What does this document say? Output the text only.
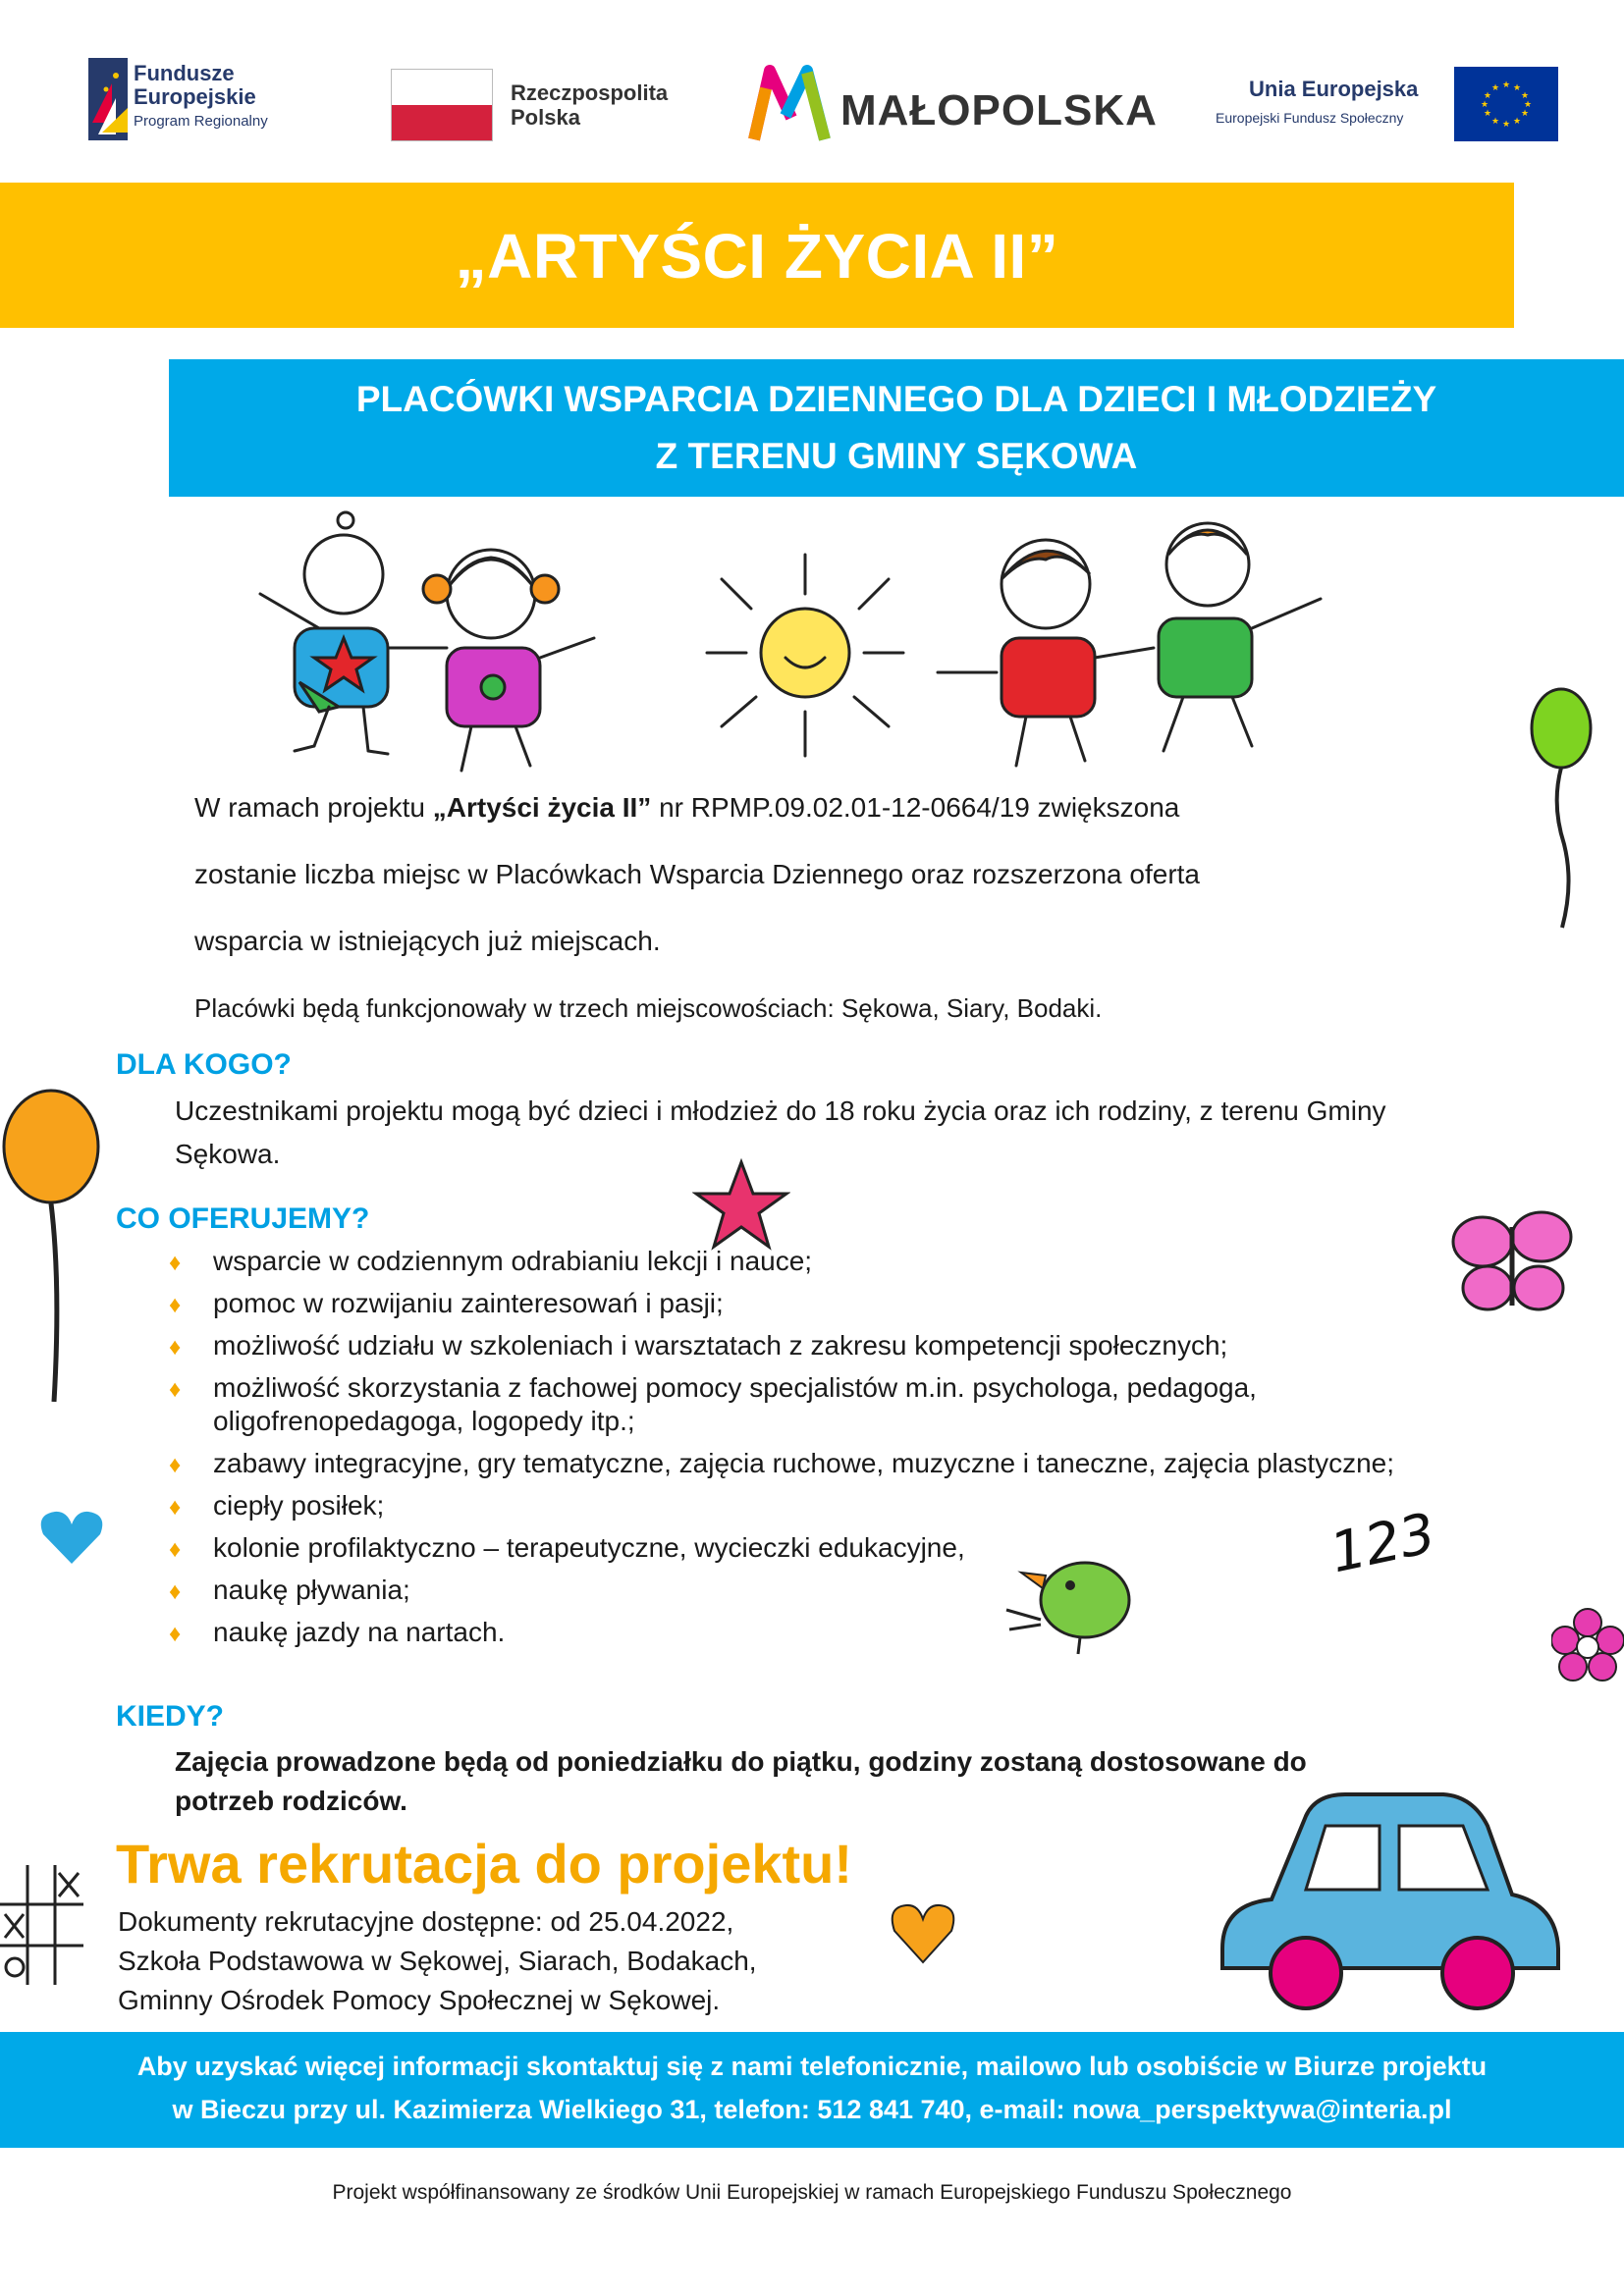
Fundusze
Europejskie
Program Regionalny
Rzeczpospolita
Polska	MAŁOPOLSKA	Unia Europejska
Europejski Fundusz Społeczny
★ ★
★
★
★
★
★
★
★
★
★
★
„ARTYŚCI ŻYCIA II”
PLACÓWKI WSPARCIA DZIENNEGO DLA DZIECI I MŁODZIEŻY
Z TERENU GMINY SĘKOWA
W ramach projektu „Artyści życia II” nr RPMP.09.02.01-12-0664/19 zwiększona
zostanie liczba miejsc w Placówkach Wsparcia Dziennego oraz rozszerzona oferta
wsparcia w istniejących już miejscach.
Placówki będą funkcjonowały w trzech miejscowościach: Sękowa, Siary, Bodaki.
DLA KOGO?
Uczestnikami projektu mogą być dzieci i młodzież do 18 roku życia oraz ich rodziny, z terenu Gminy
Sękowa.
CO OFERUJEMY?
♦ wsparcie w codziennym odrabianiu lekcji i nauce;
♦ pomoc w rozwijaniu zainteresowań i pasji;
♦ możliwość udziału w szkoleniach i warsztatach z zakresu kompetencji społecznych;
♦ możliwość skorzystania z fachowej pomocy specjalistów m.in. psychologa, pedagoga,
oligofrenopedagoga, logopedy itp.;
♦ zabawy integracyjne, gry tematyczne, zajęcia ruchowe, muzyczne i taneczne, zajęcia plastyczne;
♦ ciepły posiłek;
♦ kolonie profilaktyczno – terapeutyczne, wycieczki edukacyjne,
♦ naukę pływania;
♦ naukę jazdy na nartach.
KIEDY?
Zajęcia prowadzone będą od poniedziałku do piątku, godziny zostaną dostosowane do
potrzeb rodziców.
Trwa rekrutacja do projektu!
Dokumenty rekrutacyjne dostępne: od 25.04.2022,
Szkoła Podstawowa w Sękowej, Siarach, Bodakach,
Gminny Ośrodek Pomocy Społecznej w Sękowej.
Aby uzyskać więcej informacji skontaktuj się z nami telefonicznie, mailowo lub osobiście w Biurze projektu
w Bieczu przy ul. Kazimierza Wielkiego 31, telefon: 512 841 740, e-mail: nowa_perspektywa@interia.pl
Projekt współfinansowany ze środków Unii Europejskiej w ramach Europejskiego Funduszu Społecznego
123
